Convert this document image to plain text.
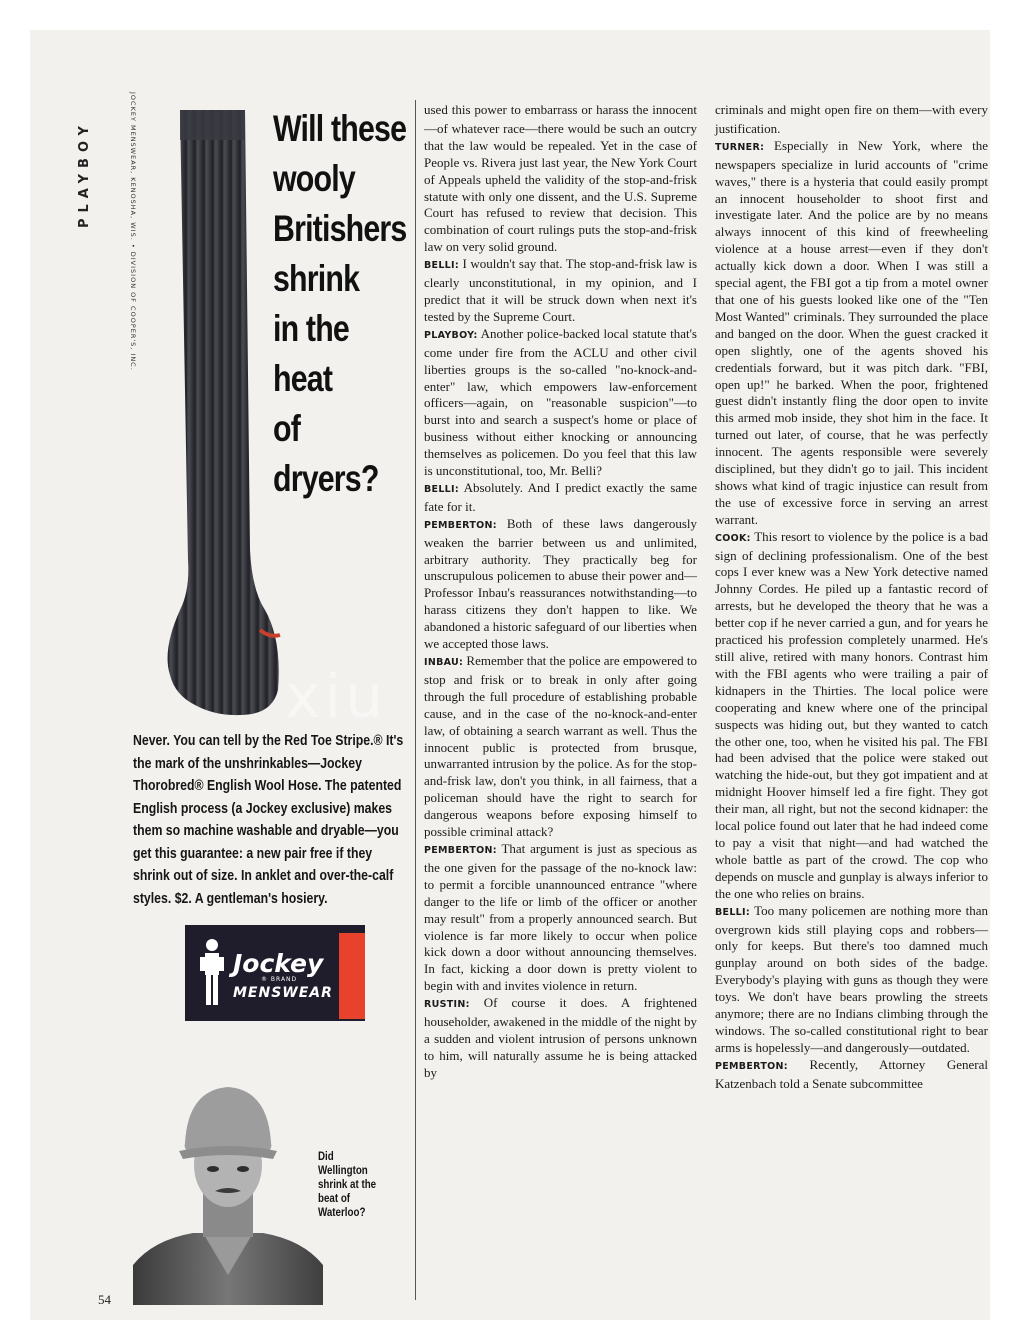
PLAYBOY	JOCKEY MENSWEAR, KENOSHA, WIS. • DIVISION OF COOPER'S, INC.	Will these
wooly
Britishers
shrink
in the
heat
of
dryers?
Never. You can tell by the Red Toe Stripe.® It's the mark of the unshrinkables—Jockey Thorobred® English Wool Hose. The patented English process (a Jockey exclusive) makes them so machine washable and dryable—you get this guarantee: a new pair free if they shrink out of size. In anklet and over-the-calf styles. $2. A gentleman's hosiery.
Jockey
® BRAND
MENSWEAR
Did Wellington shrink at the beat of Waterloo?
54
xiu

used this power to embarrass or harass the innocent—of whatever race—there would be such an outcry that the law would be repealed. Yet in the case of People vs. Rivera just last year, the New York Court of Appeals upheld the validity of the stop-and-frisk statute with only one dissent, and the U.S. Supreme Court has refused to review that decision. This combination of court rulings puts the stop-and-frisk law on very solid ground.

BELLI: I wouldn't say that. The stop-and-frisk law is clearly unconstitutional, in my opinion, and I predict that it will be struck down when next it's tested by the Supreme Court.

PLAYBOY: Another police-backed local statute that's come under fire from the ACLU and other civil liberties groups is the so-called "no-knock-and-enter" law, which empowers law-enforcement officers—again, on "reasonable suspicion"—to burst into and search a suspect's home or place of business without either knocking or announcing themselves as policemen. Do you feel that this law is unconstitutional, too, Mr. Belli?

BELLI: Absolutely. And I predict exactly the same fate for it.

PEMBERTON: Both of these laws dangerously weaken the barrier between us and unlimited, arbitrary authority. They practically beg for unscrupulous policemen to abuse their power and—Professor Inbau's reassurances notwithstanding—to harass citizens they don't happen to like. We abandoned a historic safeguard of our liberties when we accepted those laws.

INBAU: Remember that the police are empowered to stop and frisk or to break in only after going through the full procedure of establishing probable cause, and in the case of the no-knock-and-enter law, of obtaining a search warrant as well. Thus the innocent public is protected from brusque, unwarranted intrusion by the police. As for the stop-and-frisk law, don't you think, in all fairness, that a policeman should have the right to search for dangerous weapons before exposing himself to possible criminal attack?

PEMBERTON: That argument is just as specious as the one given for the passage of the no-knock law: to permit a forcible unannounced entrance "where danger to the life or limb of the officer or another may result" from a properly announced search. But violence is far more likely to occur when police kick down a door without announcing themselves. In fact, kicking a door down is pretty violent to begin with and invites violence in return.

RUSTIN: Of course it does. A frightened householder, awakened in the middle of the night by a sudden and violent intrusion of persons unknown to him, will naturally assume he is being attacked by

criminals and might open fire on them—with every justification.

TURNER: Especially in New York, where the newspapers specialize in lurid accounts of "crime waves," there is a hysteria that could easily prompt an innocent householder to shoot first and investigate later. And the police are by no means always innocent of this kind of freewheeling violence at a house arrest—even if they don't actually kick down a door. When I was still a special agent, the FBI got a tip from a motel owner that one of his guests looked like one of the "Ten Most Wanted" criminals. They surrounded the place and banged on the door. When the guest cracked it open slightly, one of the agents shoved his credentials forward, but it was pitch dark. "FBI, open up!" he barked. When the poor, frightened guest didn't instantly fling the door open to invite this armed mob inside, they shot him in the face. It turned out later, of course, that he was perfectly innocent. The agents responsible were severely disciplined, but they didn't go to jail. This incident shows what kind of tragic injustice can result from the use of excessive force in serving an arrest warrant.

COOK: This resort to violence by the police is a bad sign of declining professionalism. One of the best cops I ever knew was a New York detective named Johnny Cordes. He piled up a fantastic record of arrests, but he developed the theory that he was a better cop if he never carried a gun, and for years he practiced his profession completely unarmed. He's still alive, retired with many honors. Contrast him with the FBI agents who were trailing a pair of kidnapers in the Thirties. The local police were cooperating and knew where one of the principal suspects was hiding out, but they wanted to catch the other one, too, when he visited his pal. The FBI had been advised that the police were staked out watching the hide-out, but they got impatient and at midnight Hoover himself led a fire fight. They got their man, all right, but not the second kidnaper: the local police found out later that he had indeed come to pay a visit that night—and had watched the whole battle as part of the crowd. The cop who depends on muscle and gunplay is always inferior to the one who relies on brains.

BELLI: Too many policemen are nothing more than overgrown kids still playing cops and robbers—only for keeps. But there's too damned much gunplay around on both sides of the badge. Everybody's playing with guns as though they were toys. We don't have bears prowling the streets anymore; there are no Indians climbing through the windows. The so-called constitutional right to bear arms is hopelessly—and dangerously—outdated.

PEMBERTON: Recently, Attorney General Katzenbach told a Senate subcommittee
